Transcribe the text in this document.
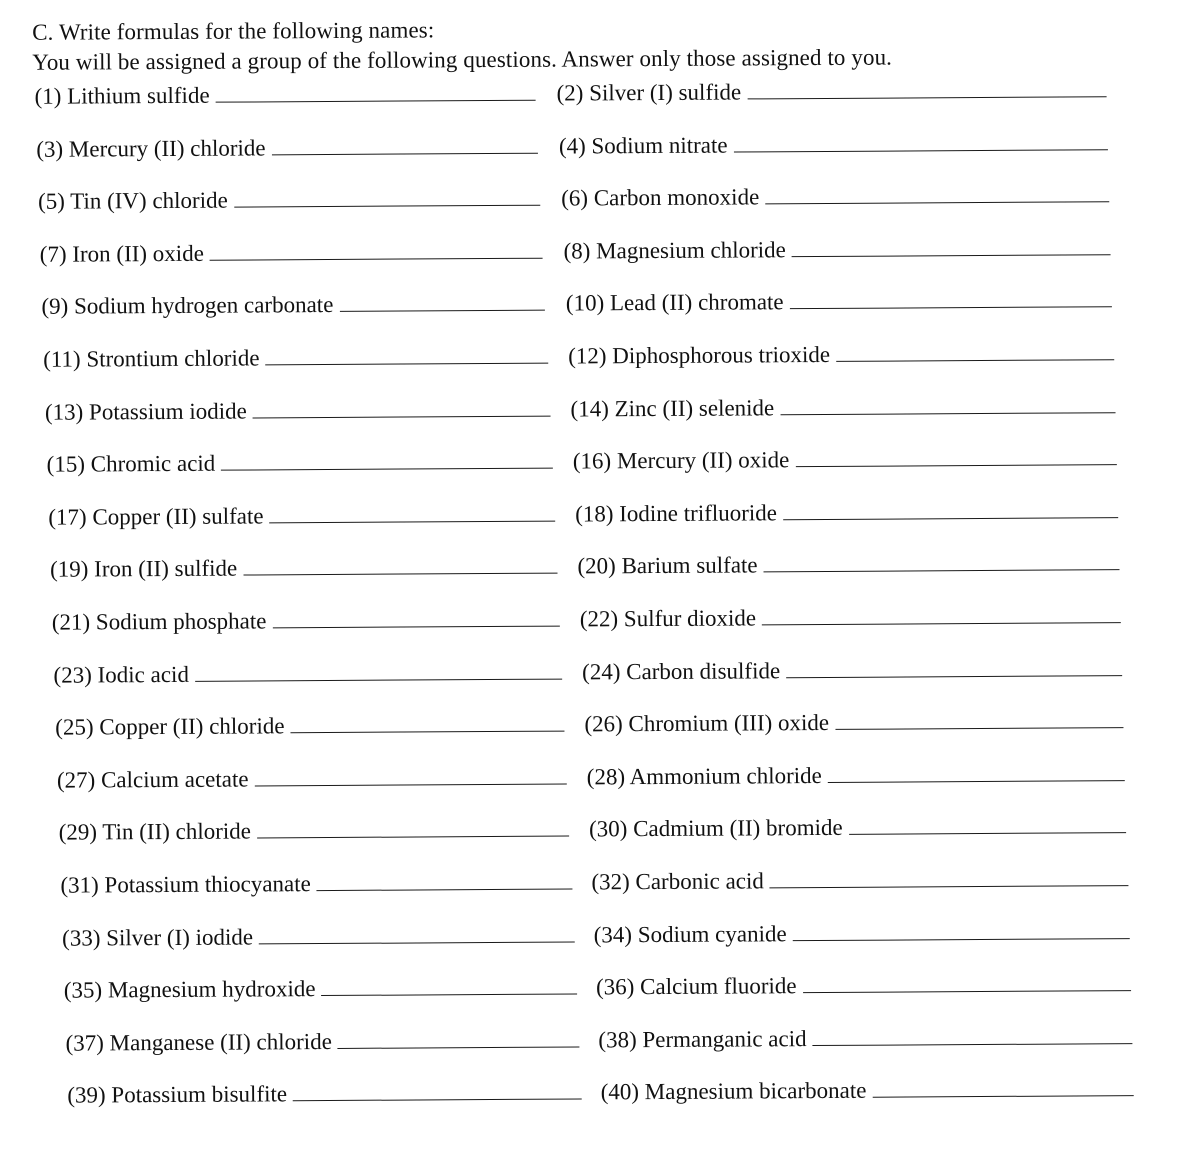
C. Write formulas for the following names:
You will be assigned a group of the following questions. Answer only those assigned to you.
(1) Lithium sulfide	(2) Silver (I) sulfide
(3) Mercury (II) chloride	(4) Sodium nitrate
(5) Tin (IV) chloride	(6) Carbon monoxide
(7) Iron (II) oxide	(8) Magnesium chloride
(9) Sodium hydrogen carbonate	(10) Lead (II) chromate
(11) Strontium chloride	(12) Diphosphorous trioxide
(13) Potassium iodide	(14) Zinc (II) selenide
(15) Chromic acid	(16) Mercury (II) oxide
(17) Copper (II) sulfate	(18) Iodine trifluoride
(19) Iron (II) sulfide	(20) Barium sulfate
(21) Sodium phosphate	(22) Sulfur dioxide
(23) Iodic acid	(24) Carbon disulfide
(25) Copper (II) chloride	(26) Chromium (III) oxide
(27) Calcium acetate	(28) Ammonium chloride
(29) Tin (II) chloride	(30) Cadmium (II) bromide
(31) Potassium thiocyanate	(32) Carbonic acid
(33) Silver (I) iodide	(34) Sodium cyanide
(35) Magnesium hydroxide	(36) Calcium fluoride
(37) Manganese (II) chloride	(38) Permanganic acid
(39) Potassium bisulfite	(40) Magnesium bicarbonate
